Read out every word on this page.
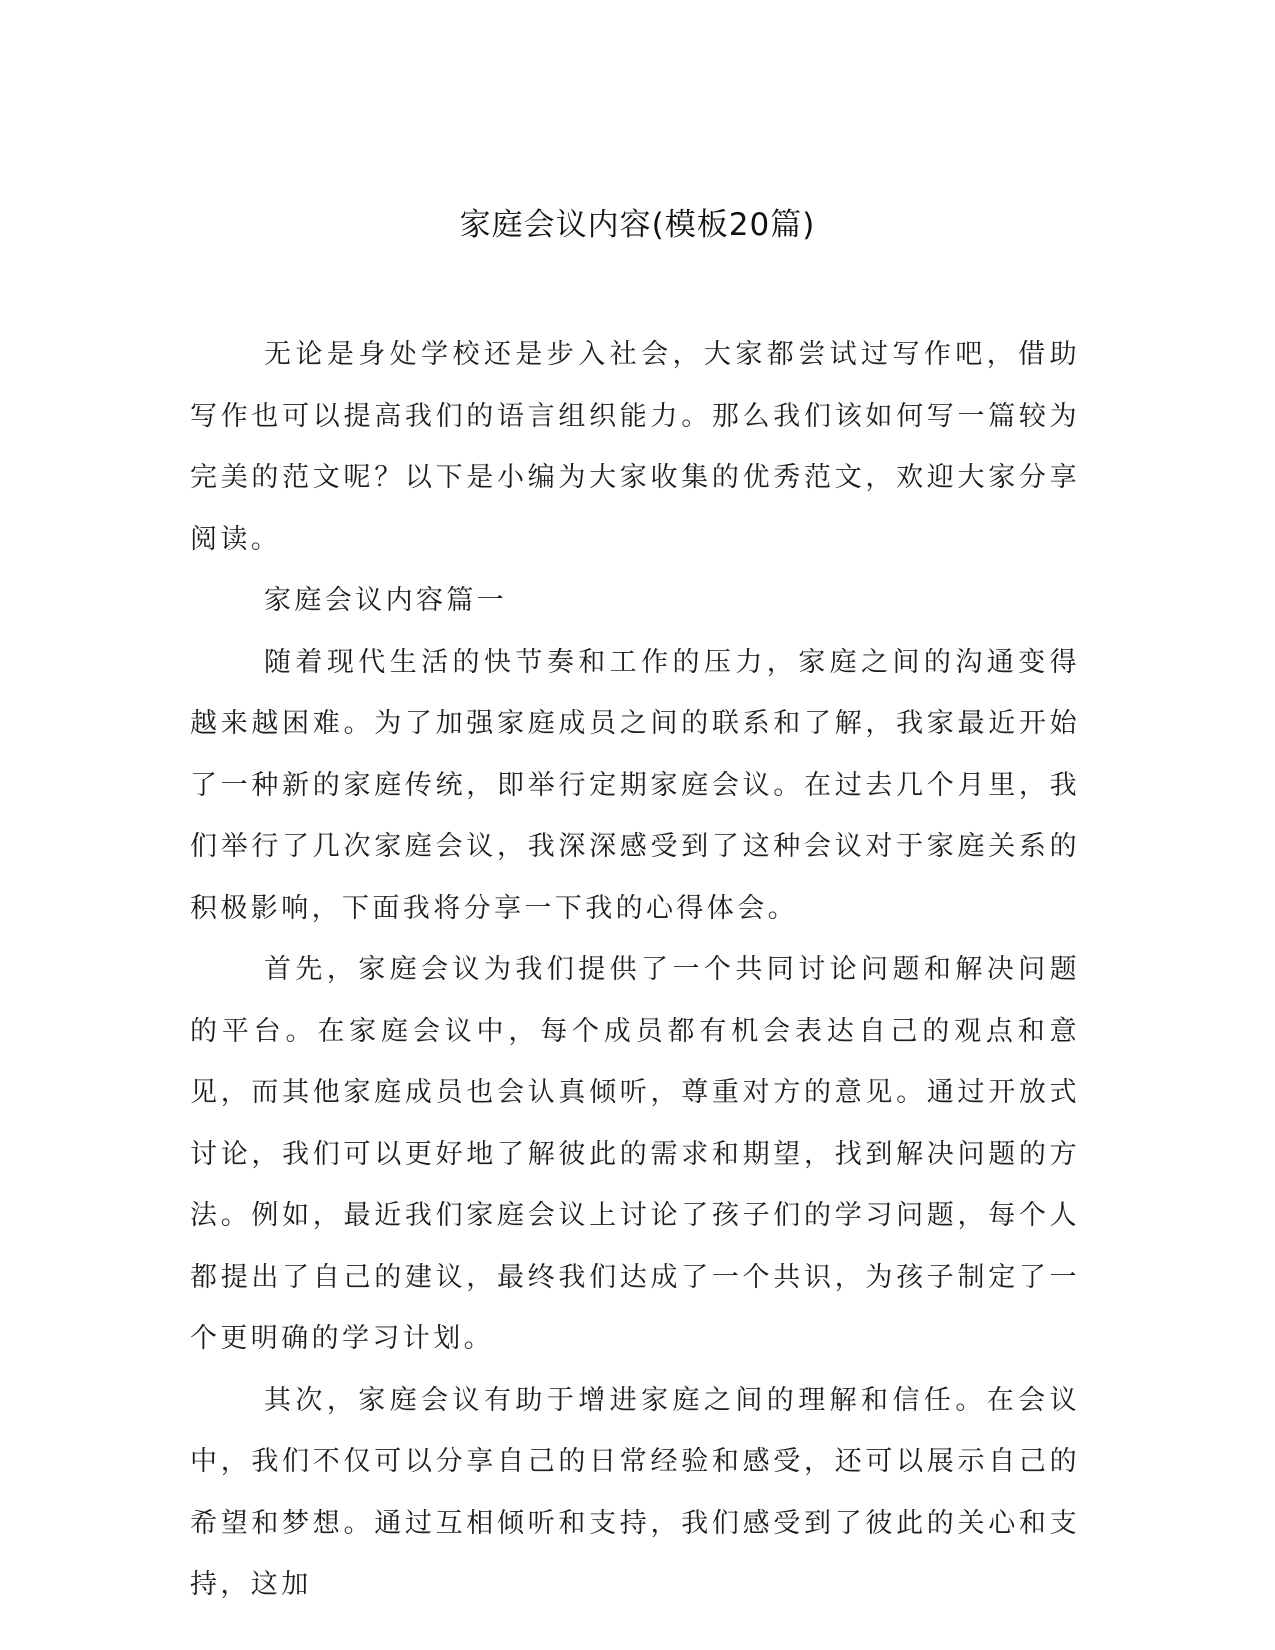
家庭会议内容(模板20篇)

无论是身处学校还是步入社会，大家都尝试过写作吧，借助写作也可以提高我们的语言组织能力。那么我们该如何写一篇较为完美的范文呢？以下是小编为大家收集的优秀范文，欢迎大家分享阅读。

家庭会议内容篇一

随着现代生活的快节奏和工作的压力，家庭之间的沟通变得越来越困难。为了加强家庭成员之间的联系和了解，我家最近开始了一种新的家庭传统，即举行定期家庭会议。在过去几个月里，我们举行了几次家庭会议，我深深感受到了这种会议对于家庭关系的积极影响，下面我将分享一下我的心得体会。

首先，家庭会议为我们提供了一个共同讨论问题和解决问题的平台。在家庭会议中，每个成员都有机会表达自己的观点和意见，而其他家庭成员也会认真倾听，尊重对方的意见。通过开放式讨论，我们可以更好地了解彼此的需求和期望，找到解决问题的方法。例如，最近我们家庭会议上讨论了孩子们的学习问题，每个人都提出了自己的建议，最终我们达成了一个共识，为孩子制定了一个更明确的学习计划。

其次，家庭会议有助于增进家庭之间的理解和信任。在会议中，我们不仅可以分享自己的日常经验和感受，还可以展示自己的希望和梦想。通过互相倾听和支持，我们感受到了彼此的关心和支持，这加
